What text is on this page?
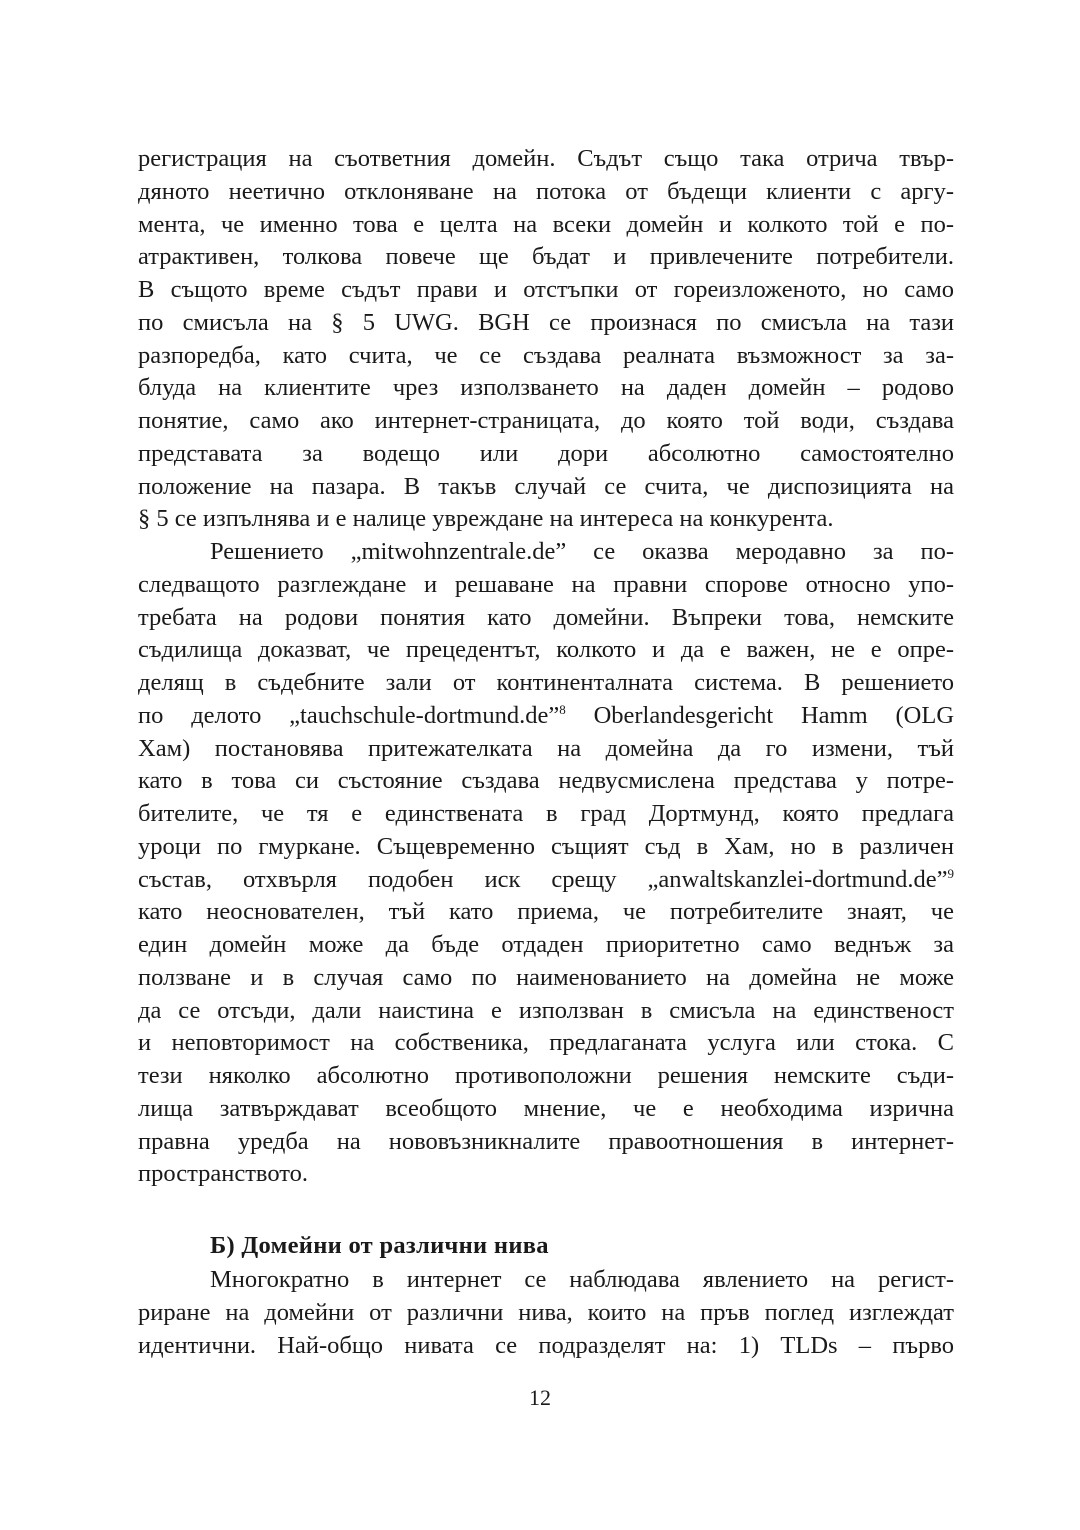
регистрация на съответния домейн. Съдът също така отрича твър-
дяното неетично отклоняване на потока от бъдещи клиенти с аргу-
мента, че именно това е целта на всеки домейн и колкото той е по-
атрактивен, толкова повече ще бъдат и привлечените потребители.
В същото време съдът прави и отстъпки от гореизложеното, но само
по смисъла на § 5 UWG. BGH се произнася по смисъла на тази
разпоредба, като счита, че се създава реалната възможност за за-
блуда на клиентите чрез използването на даден домейн – родово
понятие, само ако интернет-страницата, до която той води, създава
представата за водещо или дори абсолютно самостоятелно
положение на пазара. В такъв случай се счита, че диспозицията на
§ 5 се изпълнява и е налице увреждане на интереса на конкурента.
Решението „mitwohnzentrale.de” се оказва меродавно за по-
следващото разглеждане и решаване на правни спорове относно упо-
требата на родови понятия като домейни. Въпреки това, немските
съдилища доказват, че прецедентът, колкото и да е важен, не е опре-
делящ в съдебните зали от континенталната система. В решението
по делото „tauchschule-dortmund.de”$^8$ Oberlandesgericht Hamm (OLG
Хам) постановява притежателката на домейна да го измени, тъй
като в това си състояние създава недвусмислена представа у потре-
бителите, че тя е единствената в град Дортмунд, която предлага
уроци по гмуркане. Същевременно същият съд в Хам, но в различен
състав, отхвърля подобен иск срещу „anwaltskanzlei-dortmund.de”$^9$
като неоснователен, тъй като приема, че потребителите знаят, че
един домейн може да бъде отдаден приоритетно само веднъж за
ползване и в случая само по наименованието на домейна не може
да се отсъди, дали наистина е използван в смисъла на единственост
и неповторимост на собственика, предлаганата услуга или стока. С
тези няколко абсолютно противоположни решения немските съди-
лища затвърждават всеобщото мнение, че е необходима изрична
правна уредба на нововъзникналите правоотношения в интернет-
пространството.
Б) Домейни от различни нива
Многократно в интернет се наблюдава явлението на регист-
риране на домейни от различни нива, които на пръв поглед изглеждат
идентични. Най-общо нивата се подразделят на: 1) TLDs – първо
12
